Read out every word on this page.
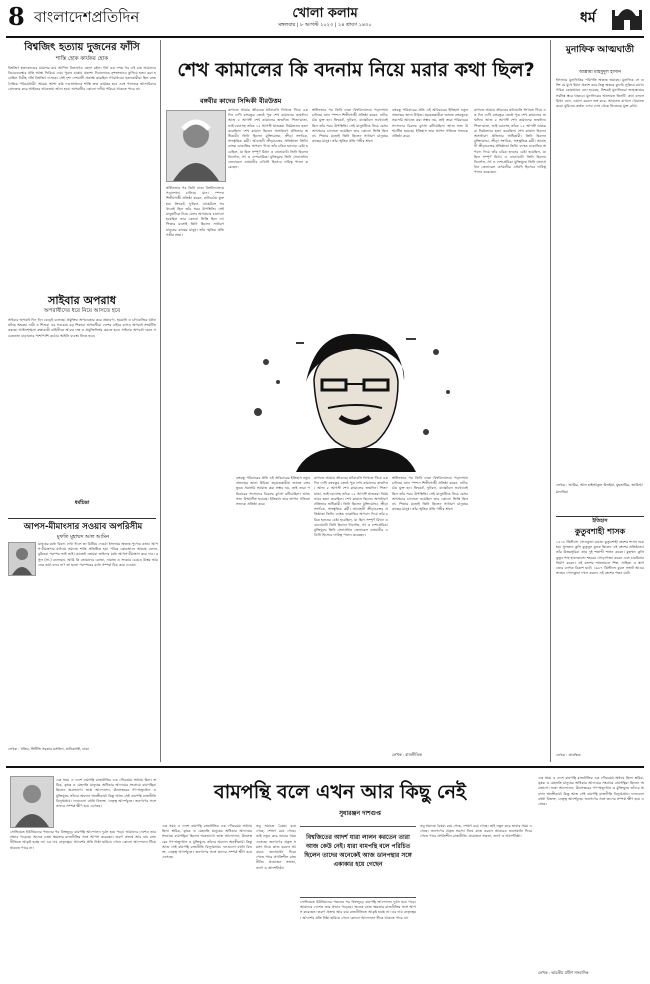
8 বাংলাদেশপ্রতিদিন	খোলা কলাম
মঙ্গলবার | ৮ আগস্ট ২০২৩ | ২৪ শ্রাবণ ১৪৩০	ধর্ম
বিশ্বজিৎ হত্যায় দুজনের ফাঁসি
শাস্তি হোক কার্যকর হোক
বিশ্বজিৎ হত্যাকাণ্ডের মামলার রায় আপিল বিভাগেও বহাল রইল। দীর্ঘ এক দশক পর এই রায় আমাদের বিচারব্যবস্থার প্রতি আস্থা ফিরিয়ে দেয়। পুরান ঢাকায় প্রকাশ্য দিবালোকে নৃশংসভাবে কুপিয়ে হত্যা করা হয়েছিল নিরীহ দর্জি বিশ্বজিৎ দাসকে। সেই দৃশ্য দেশবাসী প্রত্যক্ষ করেছিল গণমাধ্যমে। হত্যাকারীরা ছিল রাজনৈতিক পরিচয়ধারী। আমরা আশা করি দণ্ডপ্রাপ্তদের শাস্তি দ্রুত কার্যকর হবে এবং পলাতক আসামিদের গ্রেফতার করে আইনের আওতায় আনা হবে। অপরাধীর কোনো দলীয় পরিচয় থাকতে পারে না।
সাইবার অপরাধ
অপরাধীদের ধরে নিয়ে আসতে হবে
সাইবার অপরাধ দিন দিন বেড়েই চলেছে। প্রযুক্তির অপব্যবহার করে প্রতারণা, হয়রানি ও চাঁদাবাজির ঘটনা ঘটছে অহরহ। নারী ও শিশুরা এর সবচেয়ে বড় শিকার। অপরাধীরা দেশের বাইরে বসেও অপরাধ সংঘটিত করছে। আইনশৃঙ্খলা রক্ষাকারী বাহিনীকে আরও দক্ষ ও প্রযুক্তিনির্ভর করতে হবে। সাইবার অপরাধ দমনে সচেতনতা বাড়ানোর পাশাপাশি কঠোর আইনি ব্যবস্থা নিতে হবে।
ধর্মচিন্তা
আপস-মীমাংসার সওয়াব অপরিসীম
মুফতি মুহাম্মদ আল আমিন
মানুষের মধ্যে বিবাদ দেখা দিলে তা মিটিয়ে দেওয়া ইসলামে অত্যন্ত পুণ্যের কাজ। আপস-মীমাংসার মাধ্যমে সমাজে শান্তি প্রতিষ্ঠিত হয়। পবিত্র কোরআনে আল্লাহ বলেন, মুমিনরা পরস্পর ভাই ভাই। কাজেই তোমরা ভাইদের মধ্যে আপস-মীমাংসা করে দাও। রসুল (সা.) বলেছেন, আমি কি তোমাদের রোজা, নামাজ ও সদকার চেয়েও উত্তম আমলের কথা বলব না? তা হলো পরস্পরের মধ্যে সম্পর্ক ঠিক করে দেওয়া।
লেখক : খতিব, সিটিভি সরকার মসজিদ, মানিকগঞ্জ, ঢাকা
শেখ কামালের কি বদনাম নিয়ে মরার কথা ছিল?
বঙ্গবীর কাদের সিদ্দিকী বীরউত্তম
কাগজে আমার জীবনের ঘটনাবলি লিখতে গিয়ে এক দিন দেখি বঙ্গবন্ধুর জ্যেষ্ঠ পুত্র শেখ কামালের জন্মদিন। আজ ৫ আগস্ট শেখ কামালের জন্মদিন। পিতা-মাতা, ভাই-বোনসহ তাঁকে ১৫ আগস্ট ঘাতকরা নির্মমভাবে হত্যা করেছিল। শেখ কামাল ছিলেন অসাধারণ প্রতিভার অধিকারী। তিনি ছিলেন মুক্তিযোদ্ধা, ক্রীড়া সংগঠক, সাংস্কৃতিক কর্মী। আবাহনী ক্রীড়াচক্রের প্রতিষ্ঠাতা তিনি। ব্যাংক ডাকাতির অপবাদ দিয়ে তাঁর চরিত্র হননের চেষ্টা হয়েছিল, যা ছিল সম্পূর্ণ মিথ্যা ও বানোয়াট। তিনি ছিলেন নির্লোভ, সৎ ও দেশপ্রেমিক। মুক্তিযুদ্ধে তিনি সেনাপ্রধান জেনারেল ওসমানীর এডিসি হিসেবে দায়িত্ব পালন করেছেন।
স্বাধীনতার পর তিনি ঢাকা বিশ্ববিদ্যালয়ে পড়াশোনা চালিয়ে যান। স্পন্দন শিল্পীগোষ্ঠী প্রতিষ্ঠা করেন, নাট্যচর্চায় যুক্ত হন। ক্রিকেট, ফুটবল, বাস্কেটবল সবখানেই ছিল তাঁর সরব উপস্থিতি। সেই মানুষটিকে নিয়ে যেসব অপপ্রচার চালানো হয়েছিল তার কোনো ভিত্তি ছিল না। পিতার মতোই তিনি ছিলেন সাধারণ মানুষের কাছের মানুষ। তাঁর স্মৃতির প্রতি গভীর শ্রদ্ধা।
বঙ্গবন্ধু পরিবারের প্রতি এই অবিচারের ইতিহাস নতুন প্রজন্মের জানা উচিত। ষড়যন্ত্রকারীরা জানত বঙ্গবন্ধুকে সরাসরি আঘাত করা সম্ভব নয়, তাই তারা পরিবারের সদস্যদের বিরুদ্ধে কুৎসা রটিয়েছিল। আজ সত্য উদ্ঘাটিত হয়েছে। ইতিহাস তার আপন গতিতে সত্যকে প্রতিষ্ঠা করে।
কাগজে আমার জীবনের ঘটনাবলি লিখতে গিয়ে এক দিন দেখি বঙ্গবন্ধুর জ্যেষ্ঠ পুত্র শেখ কামালের জন্মদিন। আজ ৫ আগস্ট শেখ কামালের জন্মদিন। পিতা-মাতা, ভাই-বোনসহ তাঁকে ১৫ আগস্ট ঘাতকরা নির্মমভাবে হত্যা করেছিল। শেখ কামাল ছিলেন অসাধারণ প্রতিভার অধিকারী। তিনি ছিলেন মুক্তিযোদ্ধা, ক্রীড়া সংগঠক, সাংস্কৃতিক কর্মী। আবাহনী ক্রীড়াচক্রের প্রতিষ্ঠাতা তিনি। ব্যাংক ডাকাতির অপবাদ দিয়ে তাঁর চরিত্র হননের চেষ্টা হয়েছিল, যা ছিল সম্পূর্ণ মিথ্যা ও বানোয়াট। তিনি ছিলেন নির্লোভ, সৎ ও দেশপ্রেমিক। মুক্তিযুদ্ধে তিনি সেনাপ্রধান জেনারেল ওসমানীর এডিসি হিসেবে দায়িত্ব পালন করেছেন।
স্বাধীনতার পর তিনি ঢাকা বিশ্ববিদ্যালয়ে পড়াশোনা চালিয়ে যান। স্পন্দন শিল্পীগোষ্ঠী প্রতিষ্ঠা করেন, নাট্যচর্চায় যুক্ত হন। ক্রিকেট, ফুটবল, বাস্কেটবল সবখানেই ছিল তাঁর সরব উপস্থিতি। সেই মানুষটিকে নিয়ে যেসব অপপ্রচার চালানো হয়েছিল তার কোনো ভিত্তি ছিল না। পিতার মতোই তিনি ছিলেন সাধারণ মানুষের কাছের মানুষ। তাঁর স্মৃতির প্রতি গভীর শ্রদ্ধা।
বঙ্গবন্ধু পরিবারের প্রতি এই অবিচারের ইতিহাস নতুন প্রজন্মের জানা উচিত। ষড়যন্ত্রকারীরা জানত বঙ্গবন্ধুকে সরাসরি আঘাত করা সম্ভব নয়, তাই তারা পরিবারের সদস্যদের বিরুদ্ধে কুৎসা রটিয়েছিল। আজ সত্য উদ্ঘাটিত হয়েছে। ইতিহাস তার আপন গতিতে সত্যকে প্রতিষ্ঠা করে।
কাগজে আমার জীবনের ঘটনাবলি লিখতে গিয়ে এক দিন দেখি বঙ্গবন্ধুর জ্যেষ্ঠ পুত্র শেখ কামালের জন্মদিন। আজ ৫ আগস্ট শেখ কামালের জন্মদিন। পিতা-মাতা, ভাই-বোনসহ তাঁকে ১৫ আগস্ট ঘাতকরা নির্মমভাবে হত্যা করেছিল। শেখ কামাল ছিলেন অসাধারণ প্রতিভার অধিকারী। তিনি ছিলেন মুক্তিযোদ্ধা, ক্রীড়া সংগঠক, সাংস্কৃতিক কর্মী। আবাহনী ক্রীড়াচক্রের প্রতিষ্ঠাতা তিনি। ব্যাংক ডাকাতির অপবাদ দিয়ে তাঁর চরিত্র হননের চেষ্টা হয়েছিল, যা ছিল সম্পূর্ণ মিথ্যা ও বানোয়াট। তিনি ছিলেন নির্লোভ, সৎ ও দেশপ্রেমিক। মুক্তিযুদ্ধে তিনি সেনাপ্রধান জেনারেল ওসমানীর এডিসি হিসেবে দায়িত্ব পালন করেছেন।
স্বাধীনতার পর তিনি ঢাকা বিশ্ববিদ্যালয়ে পড়াশোনা চালিয়ে যান। স্পন্দন শিল্পীগোষ্ঠী প্রতিষ্ঠা করেন, নাট্যচর্চায় যুক্ত হন। ক্রিকেট, ফুটবল, বাস্কেটবল সবখানেই ছিল তাঁর সরব উপস্থিতি। সেই মানুষটিকে নিয়ে যেসব অপপ্রচার চালানো হয়েছিল তার কোনো ভিত্তি ছিল না। পিতার মতোই তিনি ছিলেন সাধারণ মানুষের কাছের মানুষ। তাঁর স্মৃতির প্রতি গভীর শ্রদ্ধা।
লেখক : রাজনীতিক
মুনাফিক আত্মঘাতী
আল্লামা মাহমুদুল হাসান
ইসলামে মুনাফিকির পরিণতি অত্যন্ত ভয়াবহ। মুনাফিক সে ব্যক্তি যে মুখে ইমান প্রকাশ করে কিন্তু অন্তরে কুফরি লুকিয়ে রাখে। পবিত্র কোরআনে বলা হয়েছে, নিশ্চয়ই মুনাফিকরা জাহান্নামের সর্বনিম্ন স্তরে থাকবে। মুনাফিকের আলামত তিনটি: কথা বললে মিথ্যা বলে, ওয়াদা করলে ভঙ্গ করে, আমানত রাখলে খেয়ানত করে। মুমিনের কর্তব্য এসব দোষ থেকে নিজেকে মুক্ত রাখা।
লেখক : আমির, আল হাইআতুল উলইয়া, মুহতামিম, জামিআ মাদানিয়া
ইতিহাস
কুতুবশাহী শাসক
১৫১৮ খ্রিস্টাব্দে গোলকুন্ডা রাজ্যে কুতুবশাহী বংশের শাসন শুরু হয়। সুলতান কুলি কুতুবুল মুলক ছিলেন এই বংশের প্রতিষ্ঠাতা। তাঁর উত্তরসূরিরা প্রায় দুই শতাব্দী শাসন করেন। মুহাম্মদ কুলি কুতুব শাহ হায়দরাবাদ শহরের গোড়াপত্তন করেন এবং চারমিনার নির্মাণ করেন। এই বংশের শাসনামলে শিল্প, সাহিত্য ও স্থাপত্যের ব্যাপক বিকাশ ঘটে। ১৬৮৭ খ্রিস্টাব্দে মুঘল সম্রাট আওরঙ্গজেব গোলকুন্ডা দখল করলে এই বংশের পতন ঘটে।
লেখক : প্রাবন্ধিক
বামপন্থি বলে এখন আর কিছু নেই
সুধারঞ্জন দাশগুপ্ত
এক সময় এ দেশে বামপন্থি রাজনীতির এক গৌরবময় অধ্যায় ছিল। শ্রমিক, কৃষক ও মেহনতি মানুষের অধিকার আদায়ের সংগ্রামে বামপন্থিরা ছিলেন অগ্রভাগে। ভাষা আন্দোলন, ঊনসত্তরের গণ-অভ্যুত্থান ও মুক্তিযুদ্ধে তাঁদের অবদান অনস্বীকার্য। কিন্তু আজ সেই বামপন্থি রাজনীতি বিলুপ্তপ্রায়। দলগুলো বহুধা বিভক্ত, নেতৃত্ব আদর্শচ্যুত। জনগণের সঙ্গে তাদের সম্পর্ক ক্ষীণ হয়ে এসেছে।
সোভিয়েত ইউনিয়নের পতনের পর বিশ্বজুড়ে বামপন্থি আন্দোলন দুর্বল হয়ে পড়ে। আমাদের দেশেও তার প্রভাব পড়েছে। অনেক নেতা ক্ষমতার রাজনীতির সঙ্গে আপস করেছেন। তরুণ প্রজন্ম আর বাম রাজনীতিতে আকৃষ্ট হচ্ছে না। এর দায় নেতৃত্বের। আদর্শের প্রতি নিষ্ঠা হারিয়ে গেলে কোনো আন্দোলন টিকে থাকতে পারে না।
এক সময় এ দেশে বামপন্থি রাজনীতির এক গৌরবময় অধ্যায় ছিল। শ্রমিক, কৃষক ও মেহনতি মানুষের অধিকার আদায়ের সংগ্রামে বামপন্থিরা ছিলেন অগ্রভাগে। ভাষা আন্দোলন, ঊনসত্তরের গণ-অভ্যুত্থান ও মুক্তিযুদ্ধে তাঁদের অবদান অনস্বীকার্য। কিন্তু আজ সেই বামপন্থি রাজনীতি বিলুপ্তপ্রায়। দলগুলো বহুধা বিভক্ত, নেতৃত্ব আদর্শচ্যুত। জনগণের সঙ্গে তাদের সম্পর্ক ক্ষীণ হয়ে এসেছে।
তবু সমাজে বৈষম্য রয়ে গেছে, শোষণ রয়ে গেছে। তাই নতুন করে ভাবার সময় এসেছে। জনগণের প্রকৃত সমস্যা নিয়ে কাজ করলে আবারও জনসমর্থন ফিরে পেতে পারে প্রগতিশীল রাজনীতি। প্রয়োজন সততা, ত্যাগ ও আদর্শনিষ্ঠা।
বিশ্বজিতের আদর্শ যারা লালন করতেন তারা আজ কেউ নেই। যারা বামপন্থি বলে পরিচিত ছিলেন তাদের অনেকেই আজ ডানপন্থার সঙ্গে একাকার হয়ে গেছেন
সোভিয়েত ইউনিয়নের পতনের পর বিশ্বজুড়ে বামপন্থি আন্দোলন দুর্বল হয়ে পড়ে। আমাদের দেশেও তার প্রভাব পড়েছে। অনেক নেতা ক্ষমতার রাজনীতির সঙ্গে আপস করেছেন। তরুণ প্রজন্ম আর বাম রাজনীতিতে আকৃষ্ট হচ্ছে না। এর দায় নেতৃত্বের। আদর্শের প্রতি নিষ্ঠা হারিয়ে গেলে কোনো আন্দোলন টিকে থাকতে পারে না।
তবু সমাজে বৈষম্য রয়ে গেছে, শোষণ রয়ে গেছে। তাই নতুন করে ভাবার সময় এসেছে। জনগণের প্রকৃত সমস্যা নিয়ে কাজ করলে আবারও জনসমর্থন ফিরে পেতে পারে প্রগতিশীল রাজনীতি। প্রয়োজন সততা, ত্যাগ ও আদর্শনিষ্ঠা।
এক সময় এ দেশে বামপন্থি রাজনীতির এক গৌরবময় অধ্যায় ছিল। শ্রমিক, কৃষক ও মেহনতি মানুষের অধিকার আদায়ের সংগ্রামে বামপন্থিরা ছিলেন অগ্রভাগে। ভাষা আন্দোলন, ঊনসত্তরের গণ-অভ্যুত্থান ও মুক্তিযুদ্ধে তাঁদের অবদান অনস্বীকার্য। কিন্তু আজ সেই বামপন্থি রাজনীতি বিলুপ্তপ্রায়। দলগুলো বহুধা বিভক্ত, নেতৃত্ব আদর্শচ্যুত। জনগণের সঙ্গে তাদের সম্পর্ক ক্ষীণ হয়ে এসেছে।
লেখক : ভারতীয় প্রবীণ সাংবাদিক
